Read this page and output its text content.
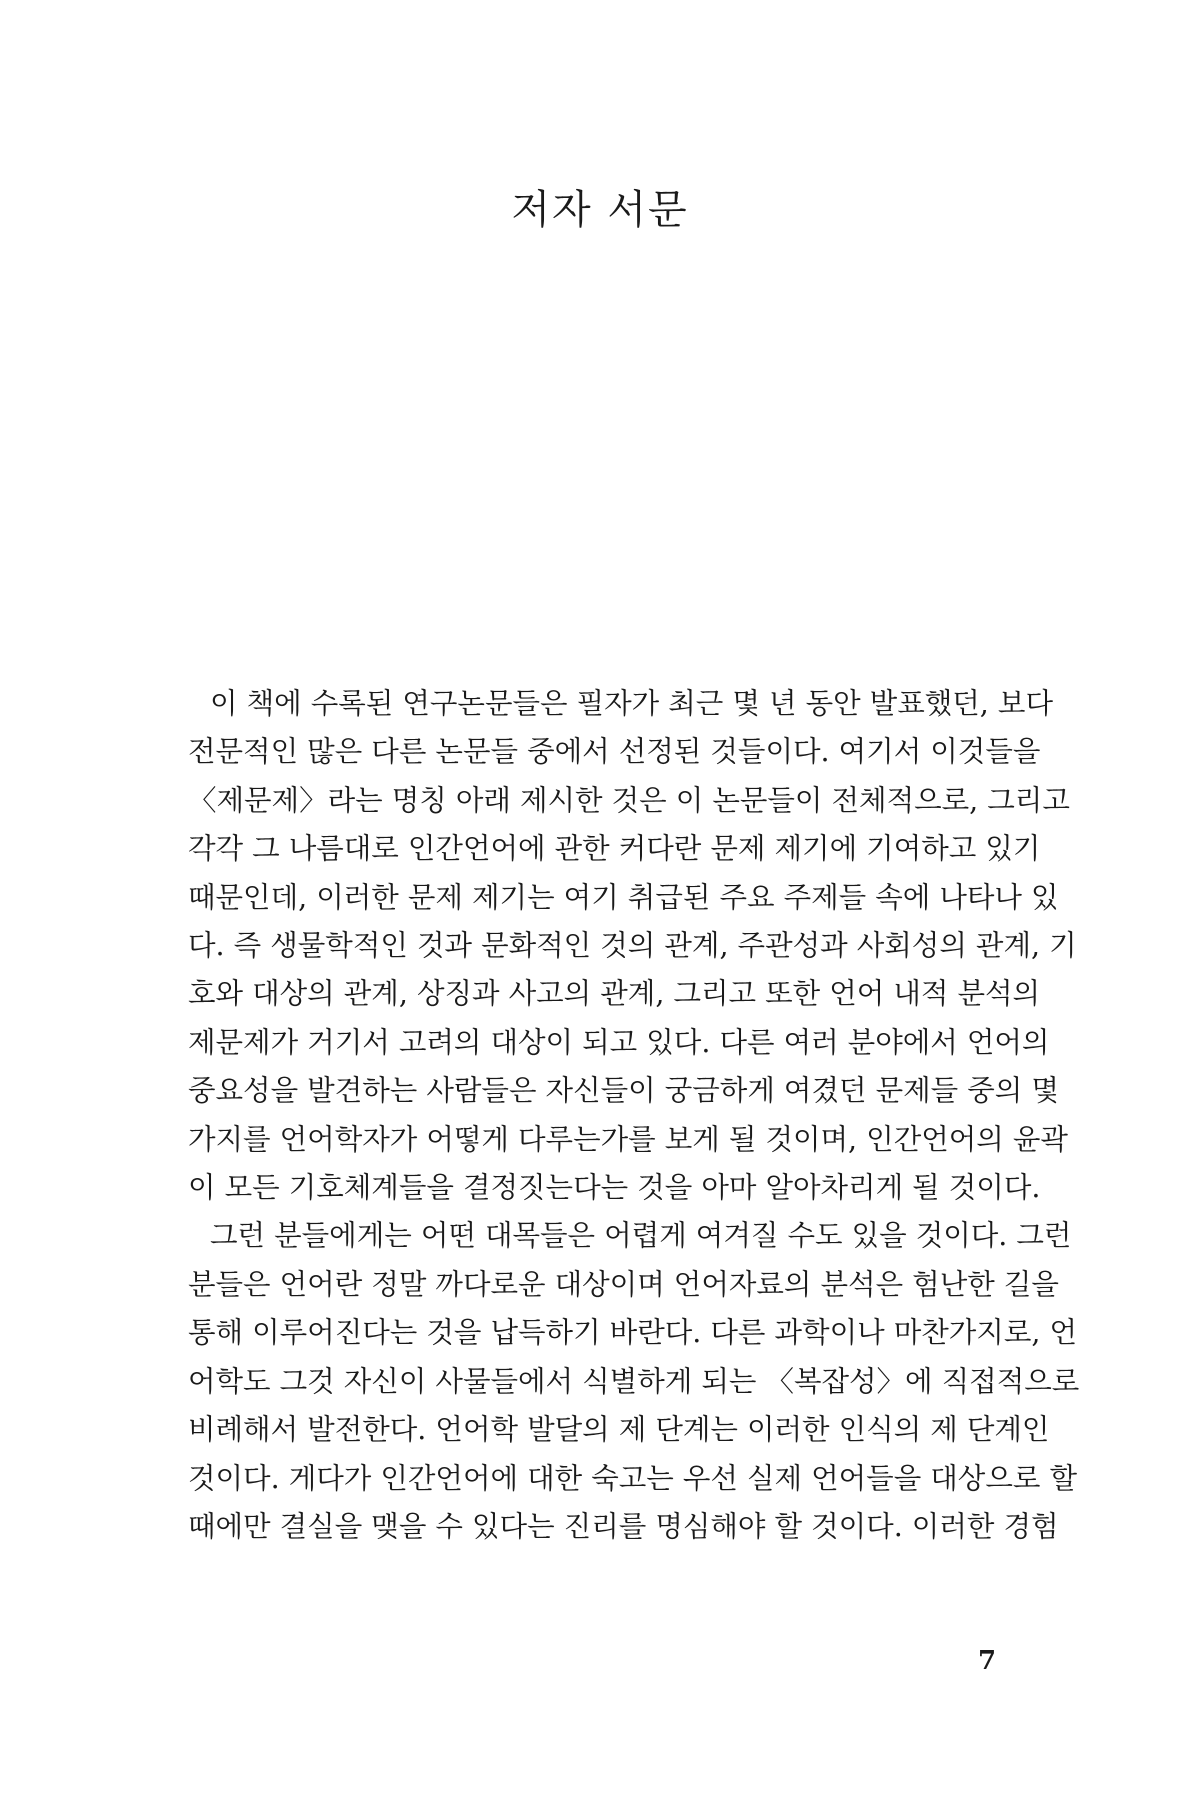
저자 서문

이 책에 수록된 연구논문들은 필자가 최근 몇 년 동안 발표했던, 보다
전문적인 많은 다른 논문들 중에서 선정된 것들이다. 여기서 이것들을
〈제문제〉라는 명칭 아래 제시한 것은 이 논문들이 전체적으로, 그리고
각각 그 나름대로 인간언어에 관한 커다란 문제 제기에 기여하고 있기
때문인데, 이러한 문제 제기는 여기 취급된 주요 주제들 속에 나타나 있
다. 즉 생물학적인 것과 문화적인 것의 관계, 주관성과 사회성의 관계, 기
호와 대상의 관계, 상징과 사고의 관계, 그리고 또한 언어 내적 분석의
제문제가 거기서 고려의 대상이 되고 있다. 다른 여러 분야에서 언어의
중요성을 발견하는 사람들은 자신들이 궁금하게 여겼던 문제들 중의 몇
가지를 언어학자가 어떻게 다루는가를 보게 될 것이며, 인간언어의 윤곽
이 모든 기호체계들을 결정짓는다는 것을 아마 알아차리게 될 것이다.

그런 분들에게는 어떤 대목들은 어렵게 여겨질 수도 있을 것이다. 그런
분들은 언어란 정말 까다로운 대상이며 언어자료의 분석은 험난한 길을
통해 이루어진다는 것을 납득하기 바란다. 다른 과학이나 마찬가지로, 언
어학도 그것 자신이 사물들에서 식별하게 되는 〈복잡성〉에 직접적으로
비례해서 발전한다. 언어학 발달의 제 단계는 이러한 인식의 제 단계인
것이다. 게다가 인간언어에 대한 숙고는 우선 실제 언어들을 대상으로 할
때에만 결실을 맺을 수 있다는 진리를 명심해야 할 것이다. 이러한 경험

7
